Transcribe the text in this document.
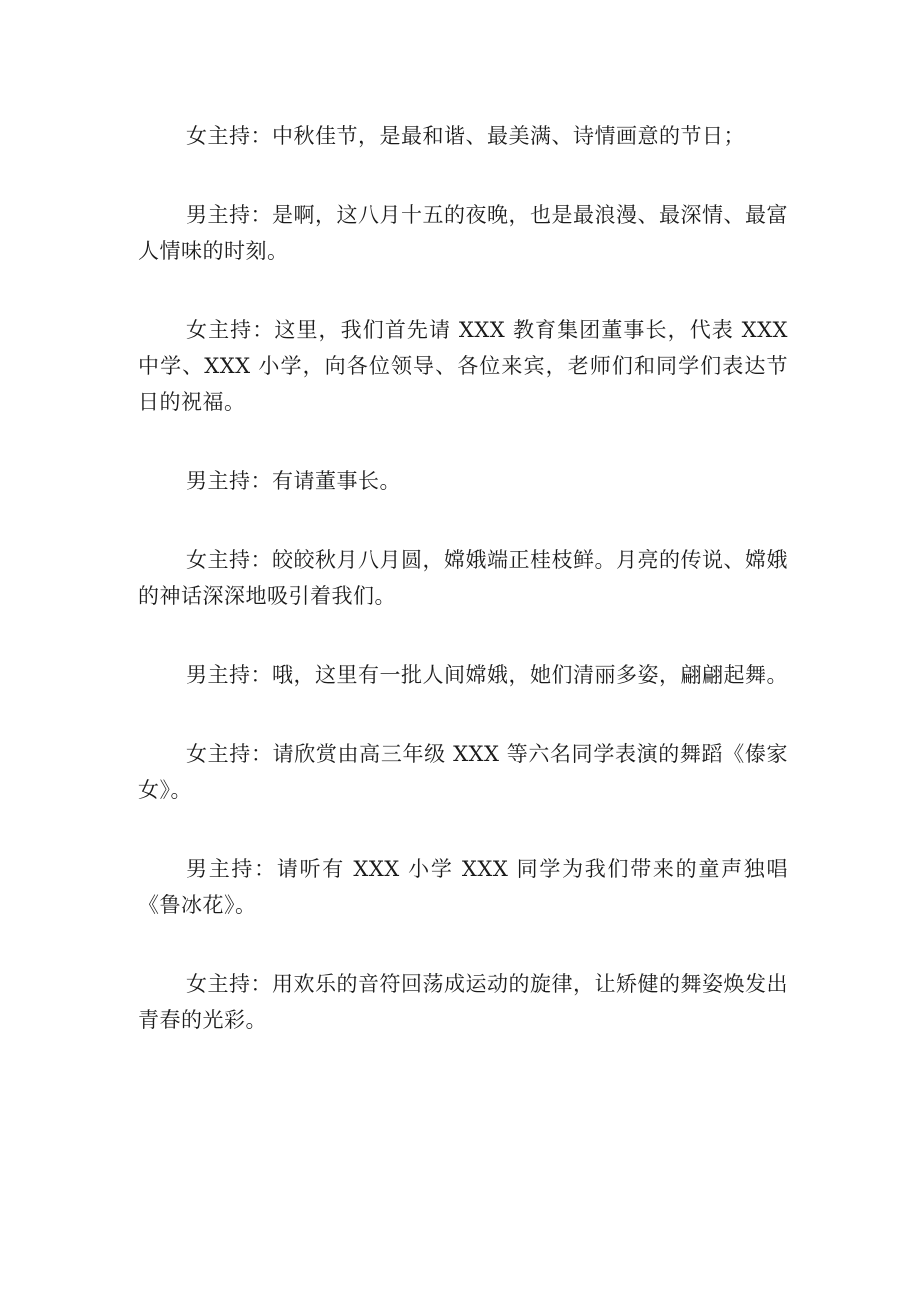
女主持：中秋佳节，是最和谐、最美满、诗情画意的节日；

男主持：是啊，这八月十五的夜晚，也是最浪漫、最深情、最富人情味的时刻。

女主持：这里，我们首先请 XXX 教育集团董事长，代表 XXX 中学、XXX 小学，向各位领导、各位来宾，老师们和同学们表达节日的祝福。

男主持：有请董事长。

女主持：皎皎秋月八月圆，嫦娥端正桂枝鲜。月亮的传说、嫦娥的神话深深地吸引着我们。

男主持：哦，这里有一批人间嫦娥，她们清丽多姿，翩翩起舞。

女主持：请欣赏由高三年级 XXX 等六名同学表演的舞蹈《傣家女》。

男主持：请听有 XXX 小学 XXX 同学为我们带来的童声独唱《鲁冰花》。

女主持：用欢乐的音符回荡成运动的旋律，让矫健的舞姿焕发出青春的光彩。
